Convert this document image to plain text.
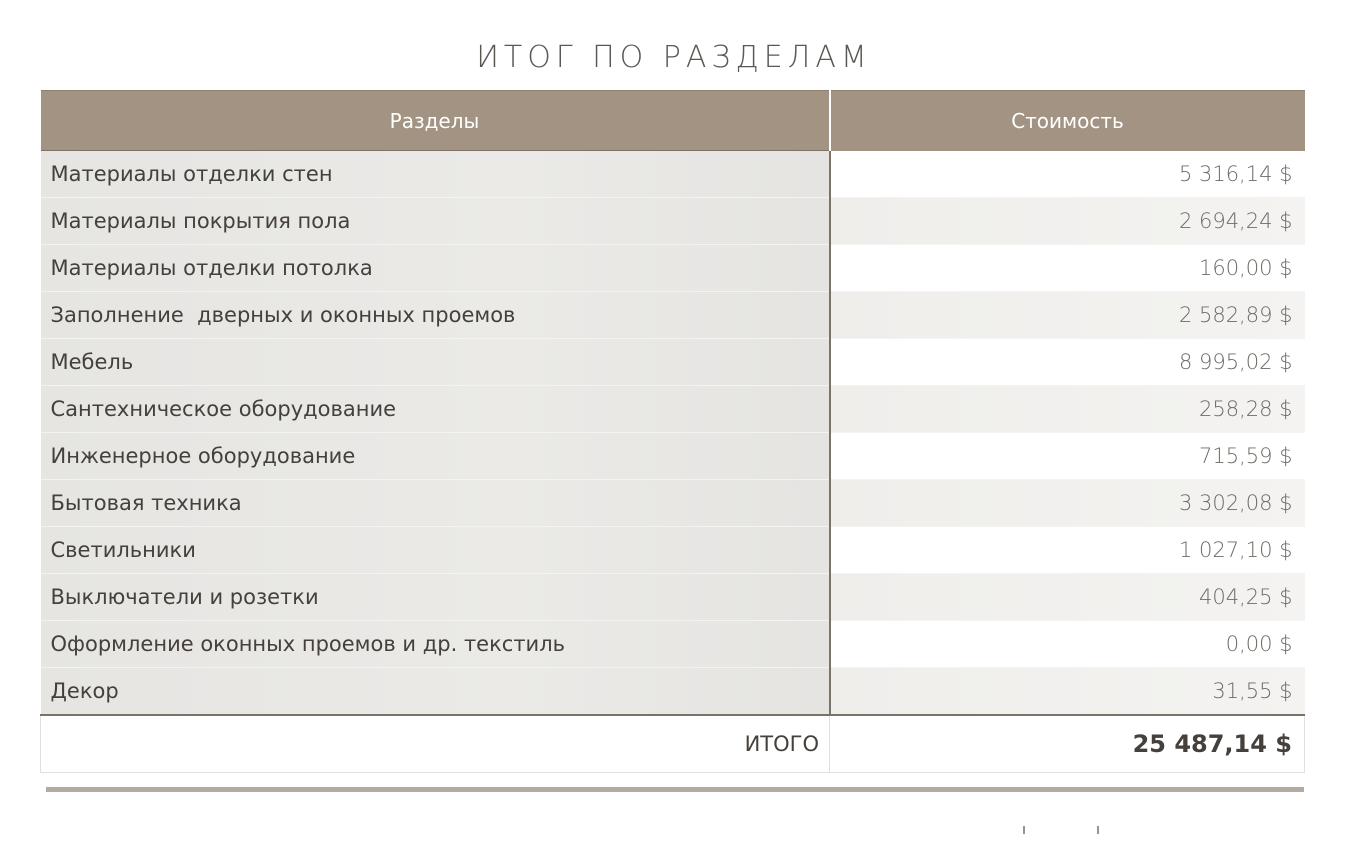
ИТОГ ПО РАЗДЕЛАМ
Разделы	Стоимость
Материалы отделки стен	5 316,14 $
Материалы покрытия пола	2 694,24 $
Материалы отделки потолка	160,00 $
Заполнение  дверных и оконных проемов	2 582,89 $
Мебель	8 995,02 $
Сантехническое оборудование	258,28 $
Инженерное оборудование	715,59 $
Бытовая техника	3 302,08 $
Светильники	1 027,10 $
Выключатели и розетки	404,25 $
Оформление оконных проемов и др. текстиль	0,00 $
Декор	31,55 $
ИТОГО	25 487,14 $
